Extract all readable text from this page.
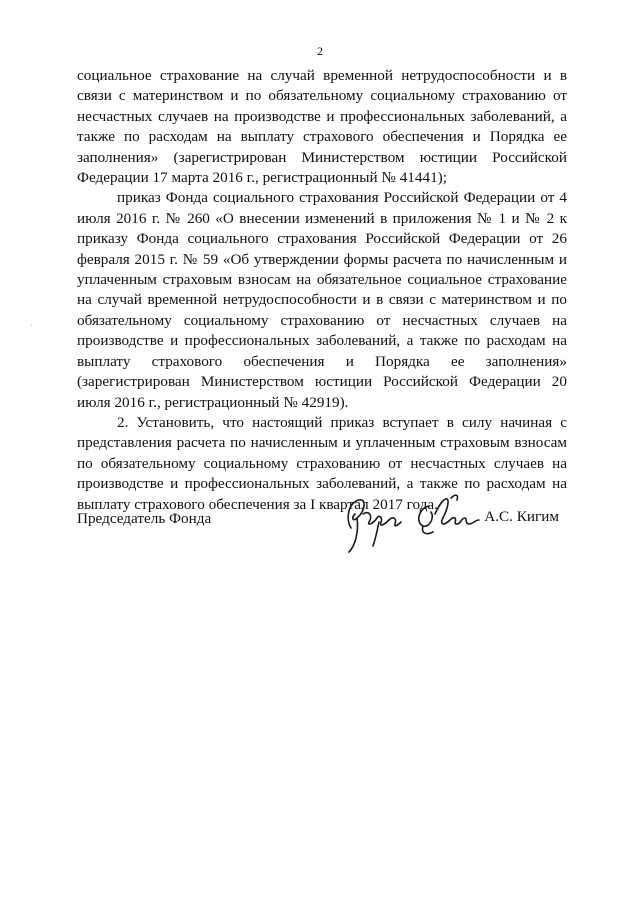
2

социальное страхование на случай временной нетрудоспособности и в связи с материнством и по обязательному социальному страхованию от несчастных случаев на производстве и профессиональных заболеваний, а также по расходам на выплату страхового обеспечения и Порядка ее заполнения» (зарегистрирован Министерством юстиции Российской Федерации 17 марта 2016 г., регистрационный № 41441);

приказ Фонда социального страхования Российской Федерации от 4 июля 2016 г. № 260 «О внесении изменений в приложения № 1 и № 2 к приказу Фонда социального страхования Российской Федерации от 26 февраля 2015 г. № 59 «Об утверждении формы расчета по начисленным и уплаченным страховым взносам на обязательное социальное страхование на случай временной нетрудоспособности и в связи с материнством и по обязательному социальному страхованию от несчастных случаев на производстве и профессиональных заболеваний, а также по расходам на выплату страхового обеспечения и Порядка ее заполнения» (зарегистрирован Министерством юстиции Российской Федерации 20 июля 2016 г., регистрационный № 42919).

2. Установить, что настоящий приказ вступает в силу начиная с представления расчета по начисленным и уплаченным страховым взносам по обязательному социальному страхованию от несчастных случаев на производстве и профессиональных заболеваний, а также по расходам на выплату страхового обеспечения за I квартал 2017 года.

.
Председатель Фонда	А.С. Кигим
